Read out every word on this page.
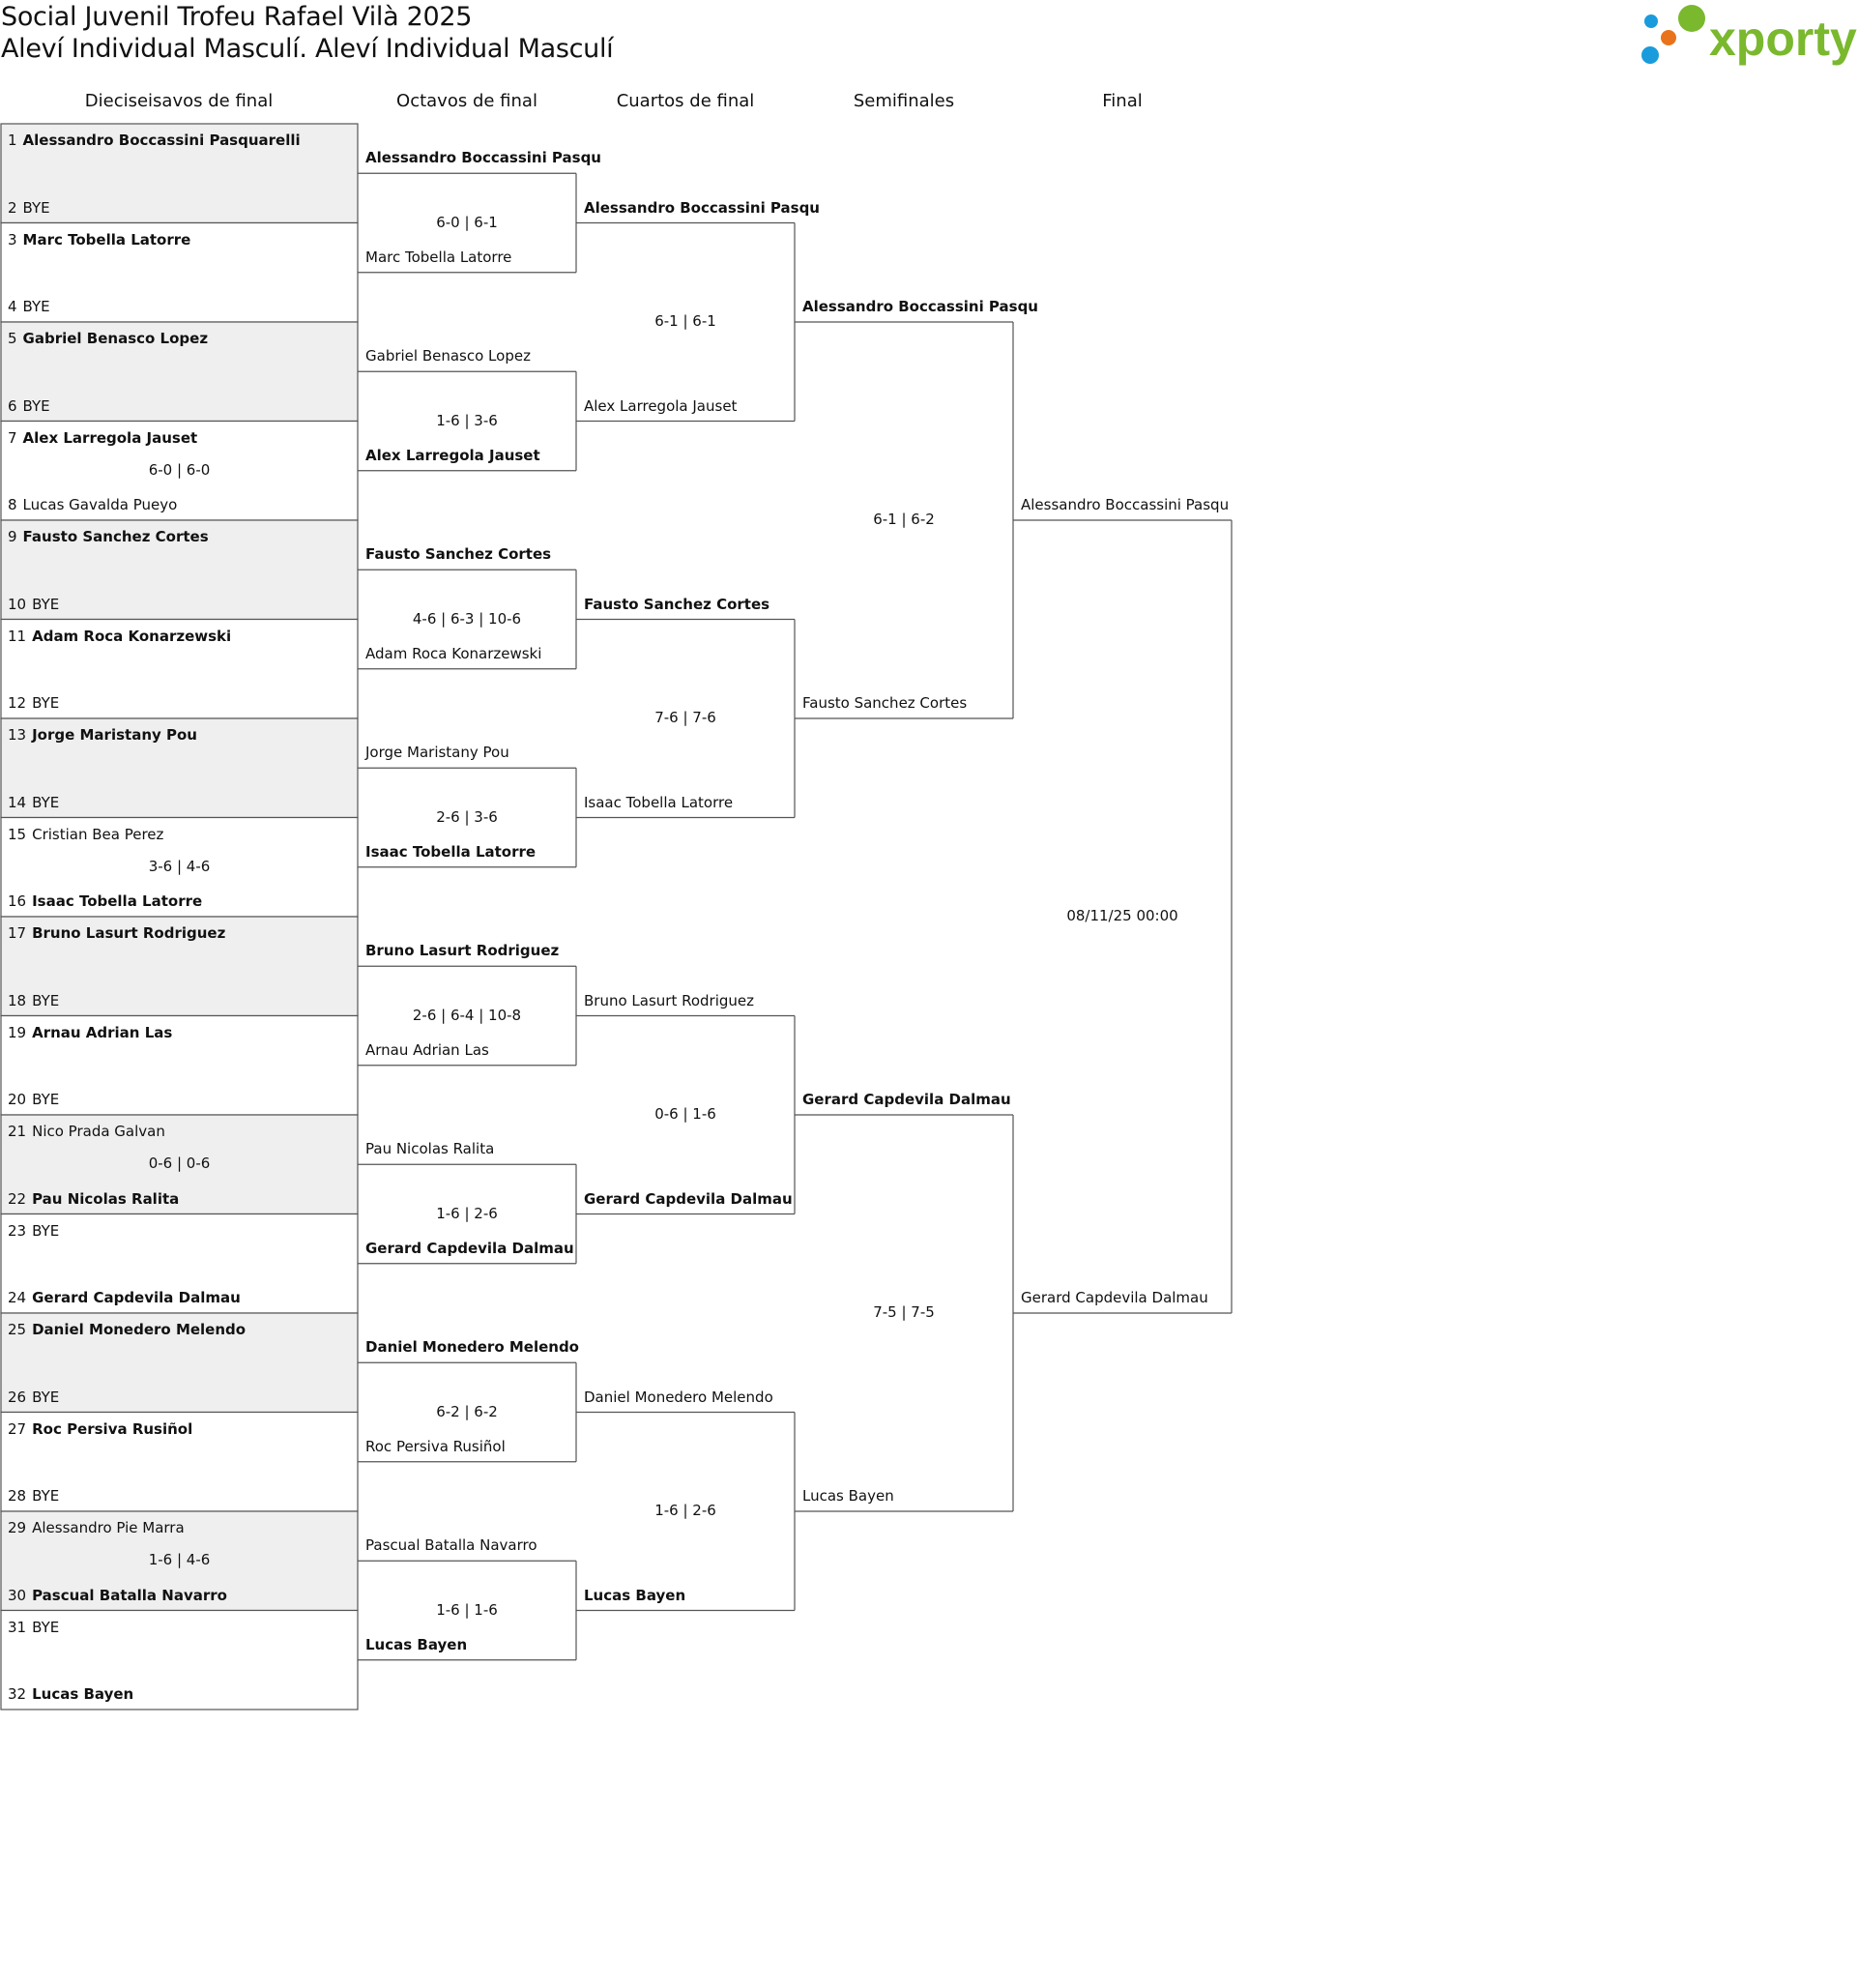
Social Juvenil Trofeu Rafael Vilà 2025
Aleví Individual Masculí. Aleví Individual Masculí	xporty
Dieciseisavos de final	Octavos de final	Cuartos de final	Semifinales	Final
1 Alessandro Boccassini Pasquarelli
2 BYE
3 Marc Tobella Latorre
4 BYE
5 Gabriel Benasco Lopez
6 BYE
7 Alex Larregola Jauset
8 Lucas Gavalda Pueyo
6-0 | 6-0
9 Fausto Sanchez Cortes
10 BYE
11 Adam Roca Konarzewski
12 BYE
13 Jorge Maristany Pou
14 BYE
15 Cristian Bea Perez
16 Isaac Tobella Latorre
3-6 | 4-6
17 Bruno Lasurt Rodriguez
18 BYE
19 Arnau Adrian Las
20 BYE
21 Nico Prada Galvan
22 Pau Nicolas Ralita
0-6 | 0-6
23 BYE
24 Gerard Capdevila Dalmau
25 Daniel Monedero Melendo
26 BYE
27 Roc Persiva Rusiñol
28 BYE
29 Alessandro Pie Marra
30 Pascual Batalla Navarro
1-6 | 4-6
31 BYE
32 Lucas Bayen
Alessandro Boccassini Pasqu
Marc Tobella Latorre
6-0 | 6-1
Gabriel Benasco Lopez
Alex Larregola Jauset
1-6 | 3-6
Fausto Sanchez Cortes
Adam Roca Konarzewski
4-6 | 6-3 | 10-6
Jorge Maristany Pou
Isaac Tobella Latorre
2-6 | 3-6
Bruno Lasurt Rodriguez
Arnau Adrian Las
2-6 | 6-4 | 10-8
Pau Nicolas Ralita
Gerard Capdevila Dalmau
1-6 | 2-6
Daniel Monedero Melendo
Roc Persiva Rusiñol
6-2 | 6-2
Pascual Batalla Navarro
Lucas Bayen
1-6 | 1-6
Alessandro Boccassini Pasqu
Alex Larregola Jauset
6-1 | 6-1
Fausto Sanchez Cortes
Isaac Tobella Latorre
7-6 | 7-6
Bruno Lasurt Rodriguez
Gerard Capdevila Dalmau
0-6 | 1-6
Daniel Monedero Melendo
Lucas Bayen
1-6 | 2-6
Alessandro Boccassini Pasqu
Fausto Sanchez Cortes
6-1 | 6-2
Gerard Capdevila Dalmau
Lucas Bayen
7-5 | 7-5
Alessandro Boccassini Pasqu
Gerard Capdevila Dalmau
08/11/25 00:00
